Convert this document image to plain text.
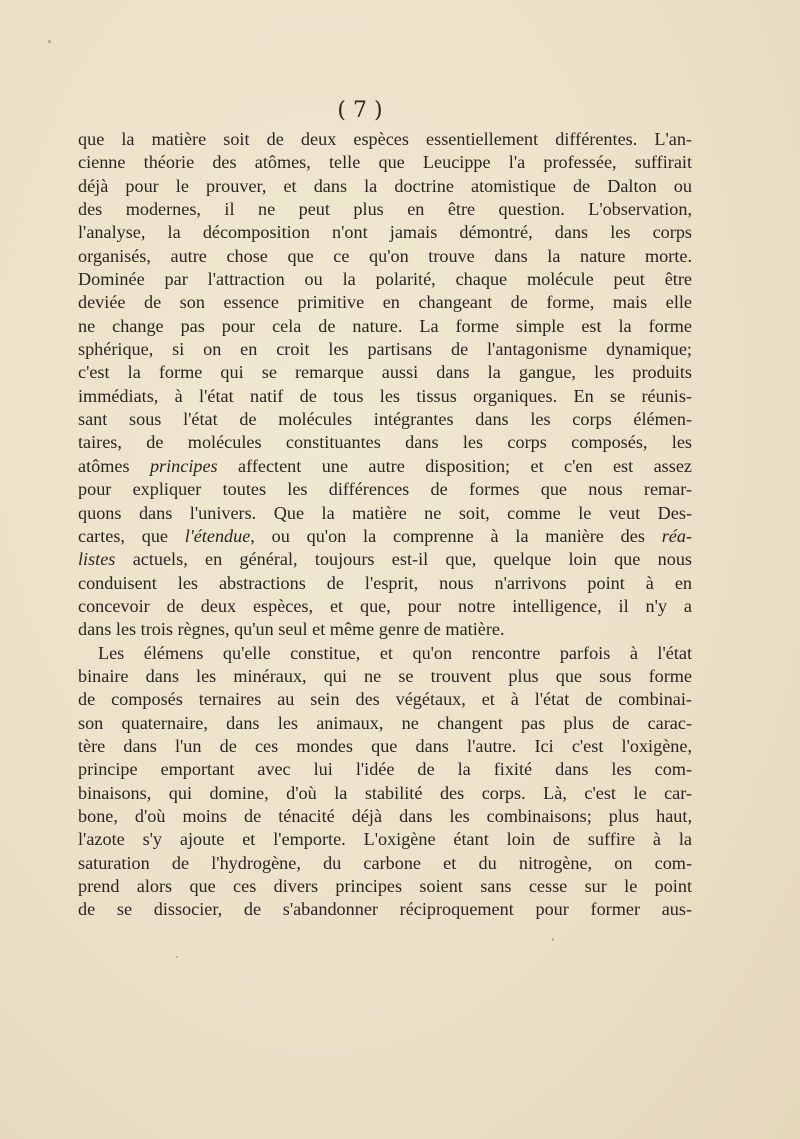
( 7 )
que la matière soit de deux espèces essentiellement différentes. L'an-
cienne théorie des atômes, telle que Leucippe l'a professée, suffirait
déjà pour le prouver, et dans la doctrine atomistique de Dalton ou
des modernes, il ne peut plus en être question. L'observation,
l'analyse, la décomposition n'ont jamais démontré, dans les corps
organisés, autre chose que ce qu'on trouve dans la nature morte.
Dominée par l'attraction ou la polarité, chaque molécule peut être
deviée de son essence primitive en changeant de forme, mais elle
ne change pas pour cela de nature. La forme simple est la forme
sphérique, si on en croit les partisans de l'antagonisme dynamique;
c'est la forme qui se remarque aussi dans la gangue, les produits
immédiats, à l'état natif de tous les tissus organiques. En se réunis-
sant sous l'état de molécules intégrantes dans les corps élémen-
taires, de molécules constituantes dans les corps composés, les
atômes principes affectent une autre disposition; et c'en est assez
pour expliquer toutes les différences de formes que nous remar-
quons dans l'univers. Que la matière ne soit, comme le veut Des-
cartes, que l'étendue, ou qu'on la comprenne à la manière des réa-
listes actuels, en général, toujours est-il que, quelque loin que nous
conduisent les abstractions de l'esprit, nous n'arrivons point à en
concevoir de deux espèces, et que, pour notre intelligence, il n'y a
dans les trois règnes, qu'un seul et même genre de matière.
Les élémens qu'elle constitue, et qu'on rencontre parfois à l'état
binaire dans les minéraux, qui ne se trouvent plus que sous forme
de composés ternaires au sein des végétaux, et à l'état de combinai-
son quaternaire, dans les animaux, ne changent pas plus de carac-
tère dans l'un de ces mondes que dans l'autre. Ici c'est l'oxigène,
principe emportant avec lui l'idée de la fixité dans les com-
binaisons, qui domine, d'où la stabilité des corps. Là, c'est le car-
bone, d'où moins de ténacité déjà dans les combinaisons; plus haut,
l'azote s'y ajoute et l'emporte. L'oxigène étant loin de suffire à la
saturation de l'hydrogène, du carbone et du nitrogène, on com-
prend alors que ces divers principes soient sans cesse sur le point
de se dissocier, de s'abandonner réciproquement pour former aus-
